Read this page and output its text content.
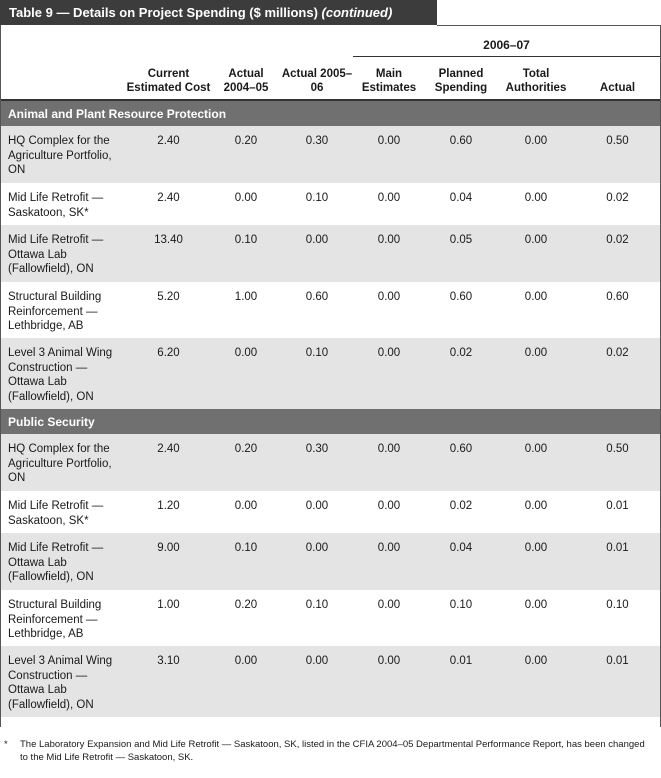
Table 9 — Details on Project Spending ($ millions) (continued)
				2006–07			
	Current Estimated Cost	Actual 2004–05	Actual 2005–06	Main Estimates	Planned Spending	Total Authorities	Actual

Animal and Plant Resource Protection							
HQ Complex for the Agriculture Portfolio, ON	2.40	0.20	0.30	0.00	0.60	0.00	0.50
Mid Life Retrofit — Saskatoon, SK*	2.40	0.00	0.10	0.00	0.04	0.00	0.02
Mid Life Retrofit — Ottawa Lab (Fallowfield), ON	13.40	0.10	0.00	0.00	0.05	0.00	0.02
Structural Building Reinforcement — Lethbridge, AB	5.20	1.00	0.60	0.00	0.60	0.00	0.60
Level 3 Animal Wing Construction — Ottawa Lab (Fallowfield), ON	6.20	0.00	0.10	0.00	0.02	0.00	0.02
Public Security							
HQ Complex for the Agriculture Portfolio, ON	2.40	0.20	0.30	0.00	0.60	0.00	0.50
Mid Life Retrofit — Saskatoon, SK*	1.20	0.00	0.00	0.00	0.02	0.00	0.01
Mid Life Retrofit — Ottawa Lab (Fallowfield), ON	9.00	0.10	0.00	0.00	0.04	0.00	0.01
Structural Building Reinforcement — Lethbridge, AB	1.00	0.20	0.10	0.00	0.10	0.00	0.10
Level 3 Animal Wing Construction — Ottawa Lab (Fallowfield), ON	3.10	0.00	0.00	0.00	0.01	0.00	0.01
* The Laboratory Expansion and Mid Life Retrofit — Saskatoon, SK, listed in the CFIA 2004–05 Departmental Performance Report, has been changed to the Mid Life Retrofit — Saskatoon, SK.
